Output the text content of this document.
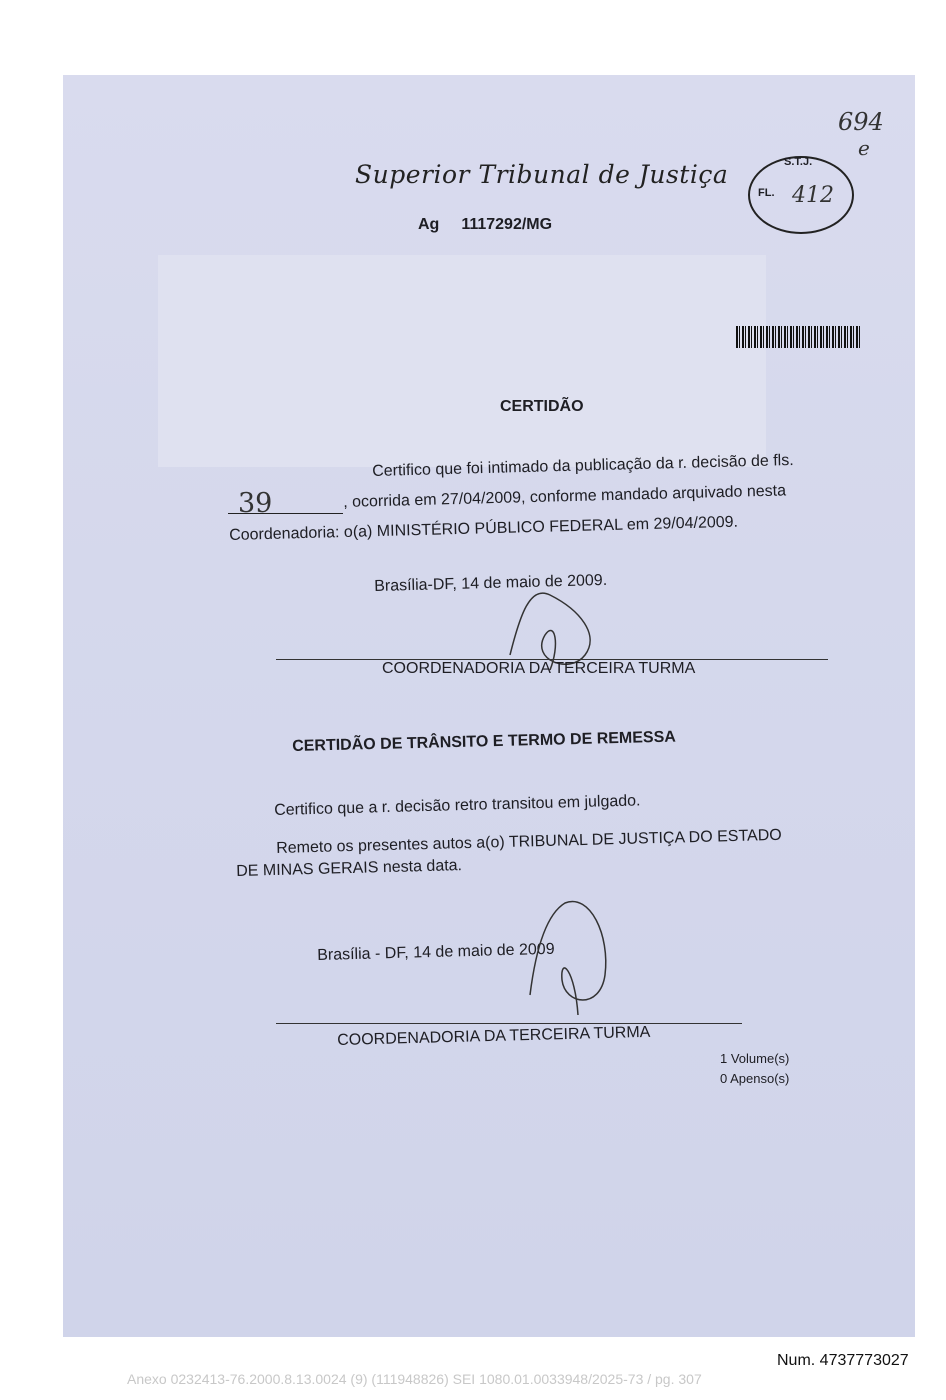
Superior Tribunal de Justiça
Ag 1117292/MG
694
e
S.T.J.
FL. 412
CERTIDÃO
Certifico que foi intimado da publicação da r. decisão de fls.
39	, ocorrida em 27/04/2009, conforme mandado arquivado nesta
Coordenadoria: o(a) MINISTÉRIO PÚBLICO FEDERAL em 29/04/2009.
Brasília-DF, 14 de maio de 2009.
COORDENADORIA DA TERCEIRA TURMA
CERTIDÃO DE TRÂNSITO E TERMO DE REMESSA
Certifico que a r. decisão retro transitou em julgado.
Remeto os presentes autos a(o) TRIBUNAL DE JUSTIÇA DO ESTADO
DE MINAS GERAIS nesta data.
Brasília - DF, 14 de maio de 2009
COORDENADORIA DA TERCEIRA TURMA
1 Volume(s)
0 Apenso(s)
Num. 4737773027
Anexo 0232413-76.2000.8.13.0024 (9) (111948826) SEI 1080.01.0033948/2025-73 / pg. 307
